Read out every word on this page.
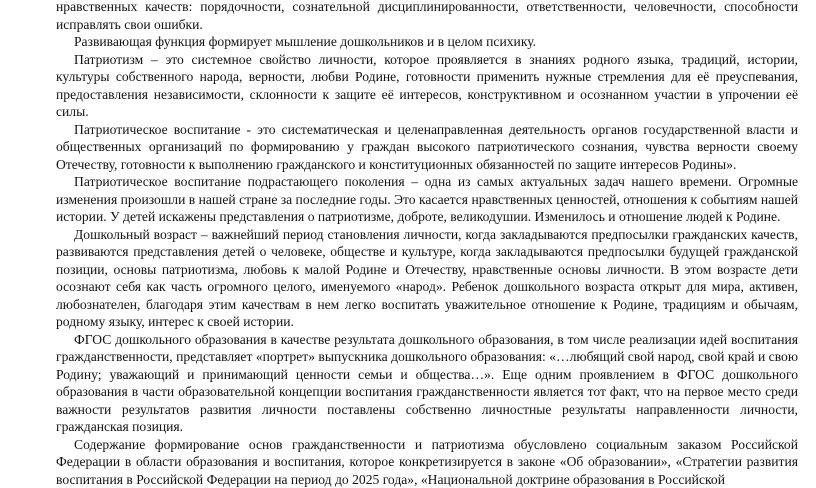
нравственных качеств: порядочности, сознательной дисциплинированности, ответственности, человечности, способности исправлять свои ошибки.

Развивающая функция формирует мышление дошкольников и в целом психику.

Патриотизм – это системное свойство личности, которое проявляется в знаниях родного языка, традиций, истории, культуры собственного народа, верности, любви Родине, готовности применить нужные стремления для её преуспевания, предоставления независимости, склонности к защите её интересов, конструктивном и осознанном участии в упрочении её силы.

Патриотическое воспитание - это систематическая и целенаправленная деятельность органов государственной власти и общественных организаций по формированию у граждан высокого патриотического сознания, чувства верности своему Отечеству, готовности к выполнению гражданского и конституционных обязанностей по защите интересов Родины».

Патриотическое воспитание подрастающего поколения – одна из самых актуальных задач нашего времени. Огромные изменения произошли в нашей стране за последние годы. Это касается нравственных ценностей, отношения к событиям нашей истории. У детей искажены представления о патриотизме, доброте, великодушии. Изменилось и отношение людей к Родине.

Дошкольный возраст – важнейший период становления личности, когда закладываются предпосылки гражданских качеств, развиваются представления детей о человеке, обществе и культуре, когда закладываются предпосылки будущей гражданской позиции, основы патриотизма, любовь к малой Родине и Отечеству, нравственные основы личности. В этом возрасте дети осознают себя как часть огромного целого, именуемого «народ». Ребенок дошкольного возраста открыт для мира, активен, любознателен, благодаря этим качествам в нем легко воспитать уважительное отношение к Родине, традициям и обычаям, родному языку, интерес к своей истории.

ФГОС дошкольного образования в качестве результата дошкольного образования, в том числе реализации идей воспитания гражданственности, представляет «портрет» выпускника дошкольного образования: «…любящий свой народ, свой край и свою Родину; уважающий и принимающий ценности семьи и общества…». Еще одним проявлением в ФГОС дошкольного образования в части образовательной концепции воспитания гражданственности является тот факт, что на первое место среди важности результатов развития личности поставлены собственно личностные результаты направленности личности, гражданская позиция.

Содержание формирование основ гражданственности и патриотизма обусловлено социальным заказом Российской Федерации в области образования и воспитания, которое конкретизируется в законе «Об образовании», «Стратегии развития воспитания в Российской Федерации на период до 2025 года», «Национальной доктрине образования в Российской
